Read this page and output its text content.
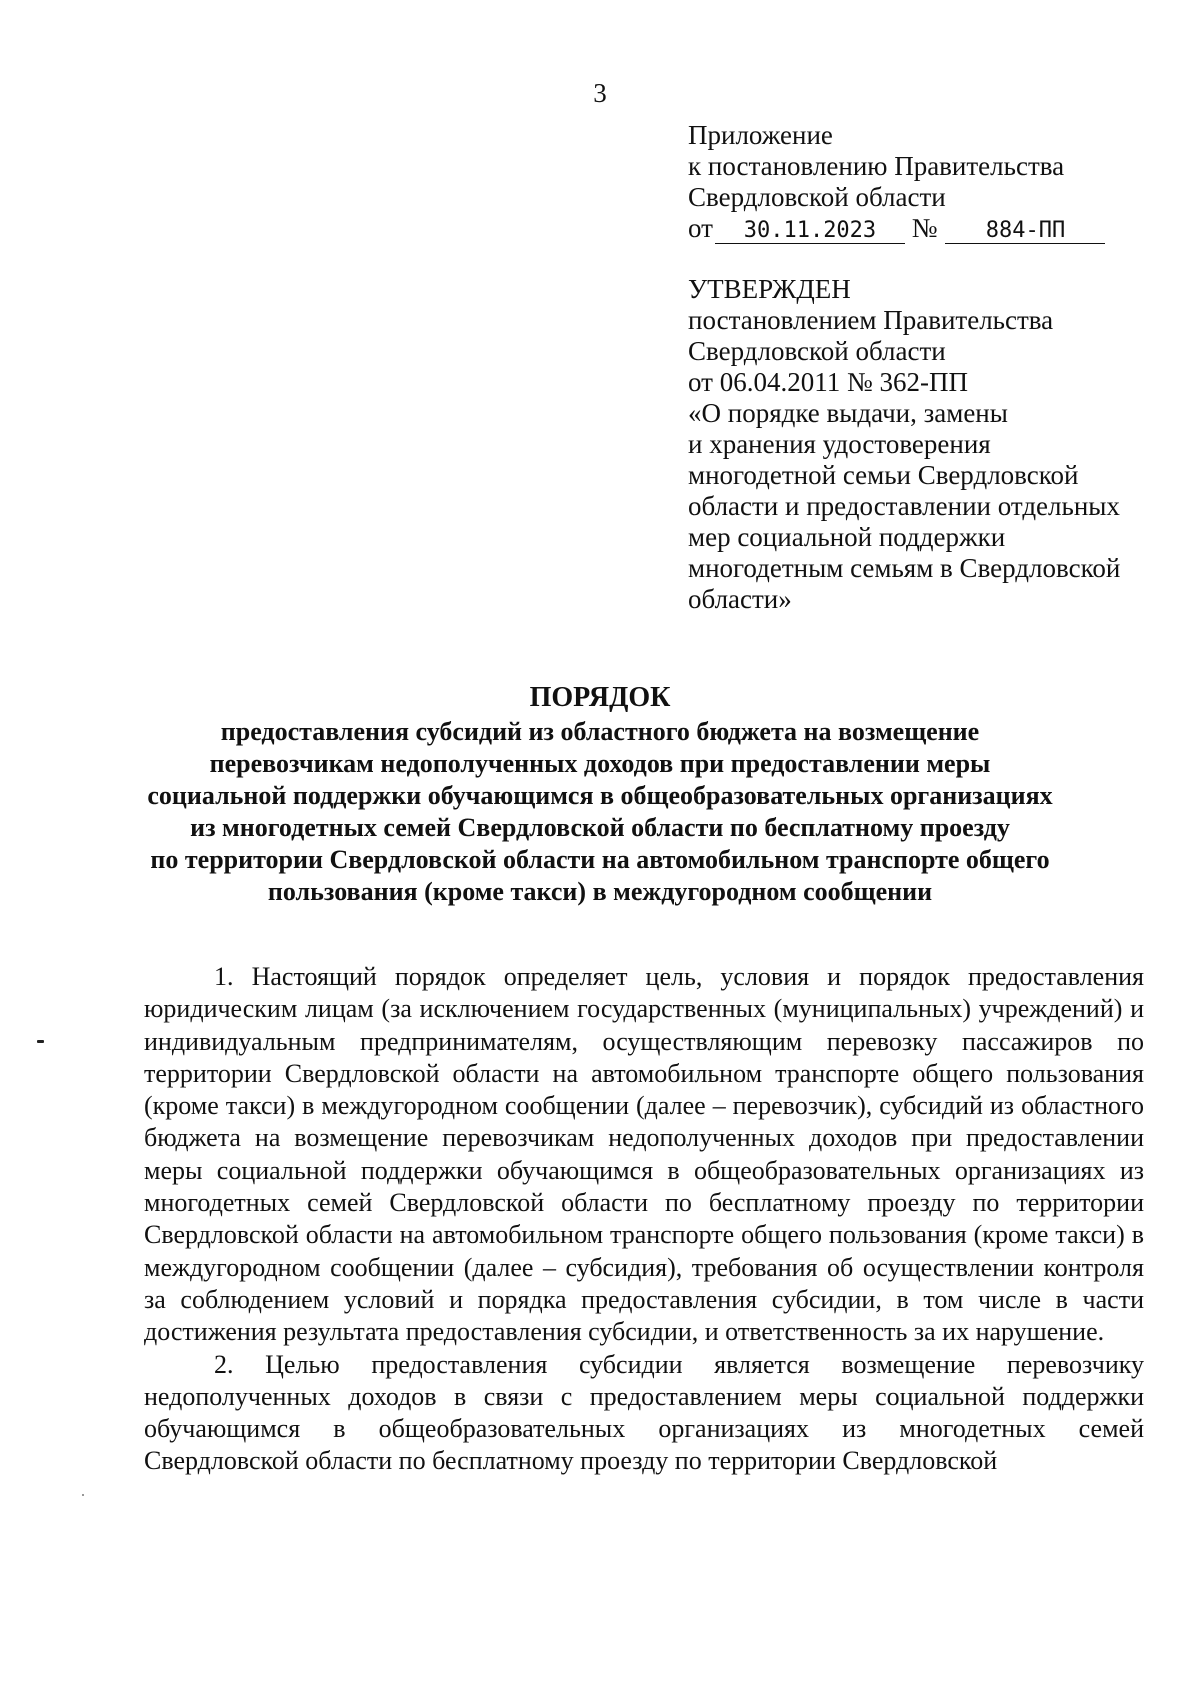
3
Приложение
к постановлению Правительства
Свердловской области
от 30.11.2023 № 884-ПП
УТВЕРЖДЕН
постановлением Правительства
Свердловской области
от 06.04.2011 № 362-ПП
«О порядке выдачи, замены
и хранения удостоверения
многодетной семьи Свердловской
области и предоставлении отдельных
мер социальной поддержки
многодетным семьям в Свердловской
области»
ПОРЯДОК
предоставления субсидий из областного бюджета на возмещение
перевозчикам недополученных доходов при предоставлении меры
социальной поддержки обучающимся в общеобразовательных организациях
из многодетных семей Свердловской области по бесплатному проезду
по территории Свердловской области на автомобильном транспорте общего
пользования (кроме такси) в междугородном сообщении

1. Настоящий порядок определяет цель, условия и порядок предоставления юридическим лицам (за исключением государственных (муниципальных) учреждений) и индивидуальным предпринимателям, осуществляющим перевозку пассажиров по территории Свердловской области на автомобильном транспорте общего пользования (кроме такси) в междугородном сообщении (далее – перевозчик), субсидий из областного бюджета на возмещение перевозчикам недополученных доходов при предоставлении меры социальной поддержки обучающимся в общеобразовательных организациях из многодетных семей Свердловской области по бесплатному проезду по территории Свердловской области на автомобильном транспорте общего пользования (кроме такси) в междугородном сообщении (далее – субсидия), требования об осуществлении контроля за соблюдением условий и порядка предоставления субсидии, в том числе в части достижения результата предоставления субсидии, и ответственность за их нарушение.

2. Целью предоставления субсидии является возмещение перевозчику недополученных доходов в связи с предоставлением меры социальной поддержки обучающимся в общеобразовательных организациях из многодетных семей Свердловской области по бесплатному проезду по территории Свердловской
